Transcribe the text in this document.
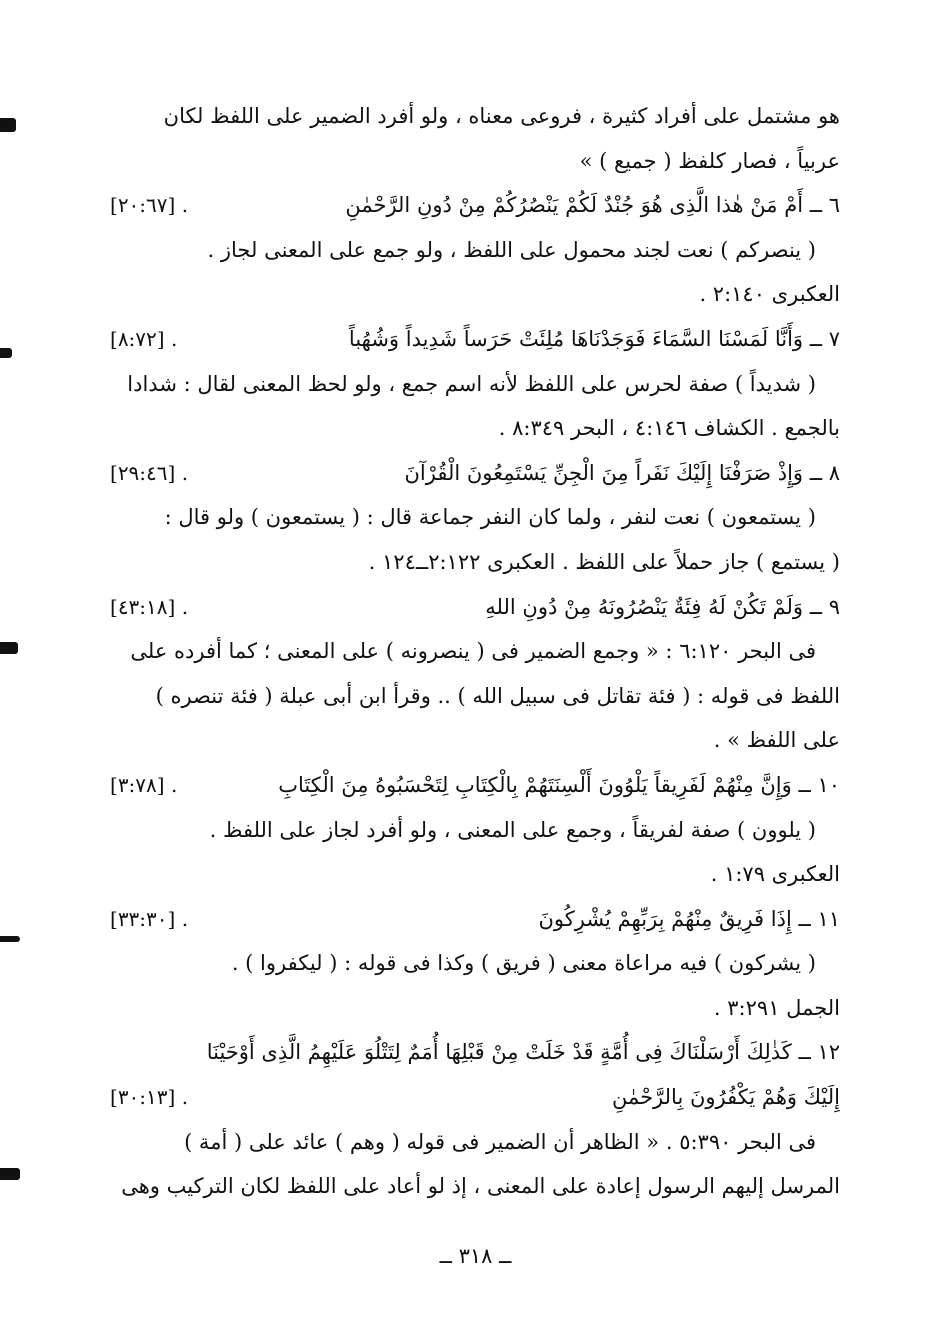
هو مشتمل على أفراد كثيرة ، فروعى معناه ، ولو أفرد الضمير على اللفظ لكان
عربياً ، فصار كلفظ ( جميع ) »
٦ ــ أَمْ مَنْ هٰذا الَّذِى هُوَ جُنْدٌ لَكُمْ يَنْصُرُكُمْ مِنْ دُونِ الرَّحْمٰنِ
[٢٠:٦٧] .
( ينصركم ) نعت لجند محمول على اللفظ ، ولو جمع على المعنى لجاز .
العكبرى ٢:١٤٠ .
٧ ــ وَأَنَّا لَمَسْنَا السَّمَاءَ فَوَجَدْنَاهَا مُلِئَتْ حَرَساً شَدِيداً وَشُهُباً
[٨:٧٢] .
( شديداً ) صفة لحرس على اللفظ لأنه اسم جمع ، ولو لحظ المعنى لقال : شدادا
بالجمع . الكشاف ٤:١٤٦ ، البحر ٨:٣٤٩ .
٨ ــ وَإِذْ صَرَفْنَا إِلَيْكَ نَفَراً مِنَ الْجِنِّ يَسْتَمِعُونَ الْقُرْآنَ
[٢٩:٤٦] .
( يستمعون ) نعت لنفر ، ولما كان النفر جماعة قال : ( يستمعون ) ولو قال :
( يستمع ) جاز حملاً على اللفظ . العكبرى ٢:١٢٢ــ١٢٤ .
٩ ــ وَلَمْ تَكُنْ لَهُ فِئَةٌ يَنْصُرُونَهُ مِنْ دُونِ اللهِ
[٤٣:١٨] .
فى البحر ٦:١٢٠ : « وجمع الضمير فى ( ينصرونه ) على المعنى ؛ كما أفرده على
اللفظ فى قوله : ( فئة تقاتل فى سبيل الله ) .. وقرأ ابن أبى عبلة ( فئة تنصره )
على اللفظ » .
١٠ ــ وَإِنَّ مِنْهُمْ لَفَرِيقاً يَلْوُونَ أَلْسِنَتَهُمْ بِالْكِتَابِ لِتَحْسَبُوهُ مِنَ الْكِتَابِ
[٣:٧٨] .
( يلوون ) صفة لفريقاً ، وجمع على المعنى ، ولو أفرد لجاز على اللفظ .
العكبرى ١:٧٩ .
١١ ــ إِذَا فَرِيقٌ مِنْهُمْ بِرَبِّهِمْ يُشْرِكُونَ
[٣٣:٣٠] .
( يشركون ) فيه مراعاة معنى ( فريق ) وكذا فى قوله : ( ليكفروا ) .
الجمل ٣:٢٩١ .
١٢ ــ كَذٰلِكَ أَرْسَلْنَاكَ فِى أُمَّةٍ قَدْ خَلَتْ مِنْ قَبْلِهَا أُمَمٌ لِتَتْلُوَ عَلَيْهِمُ الَّذِى أَوْحَيْنَا
إِلَيْكَ وَهُمْ يَكْفُرُونَ بِالرَّحْمٰنِ
[٣٠:١٣] .
فى البحر ٥:٣٩٠ . « الظاهر أن الضمير فى قوله ( وهم ) عائد على ( أمة )
المرسل إليهم الرسول إعادة على المعنى ، إذ لو أعاد على اللفظ لكان التركيب وهى
ــ ٣١٨ ــ
